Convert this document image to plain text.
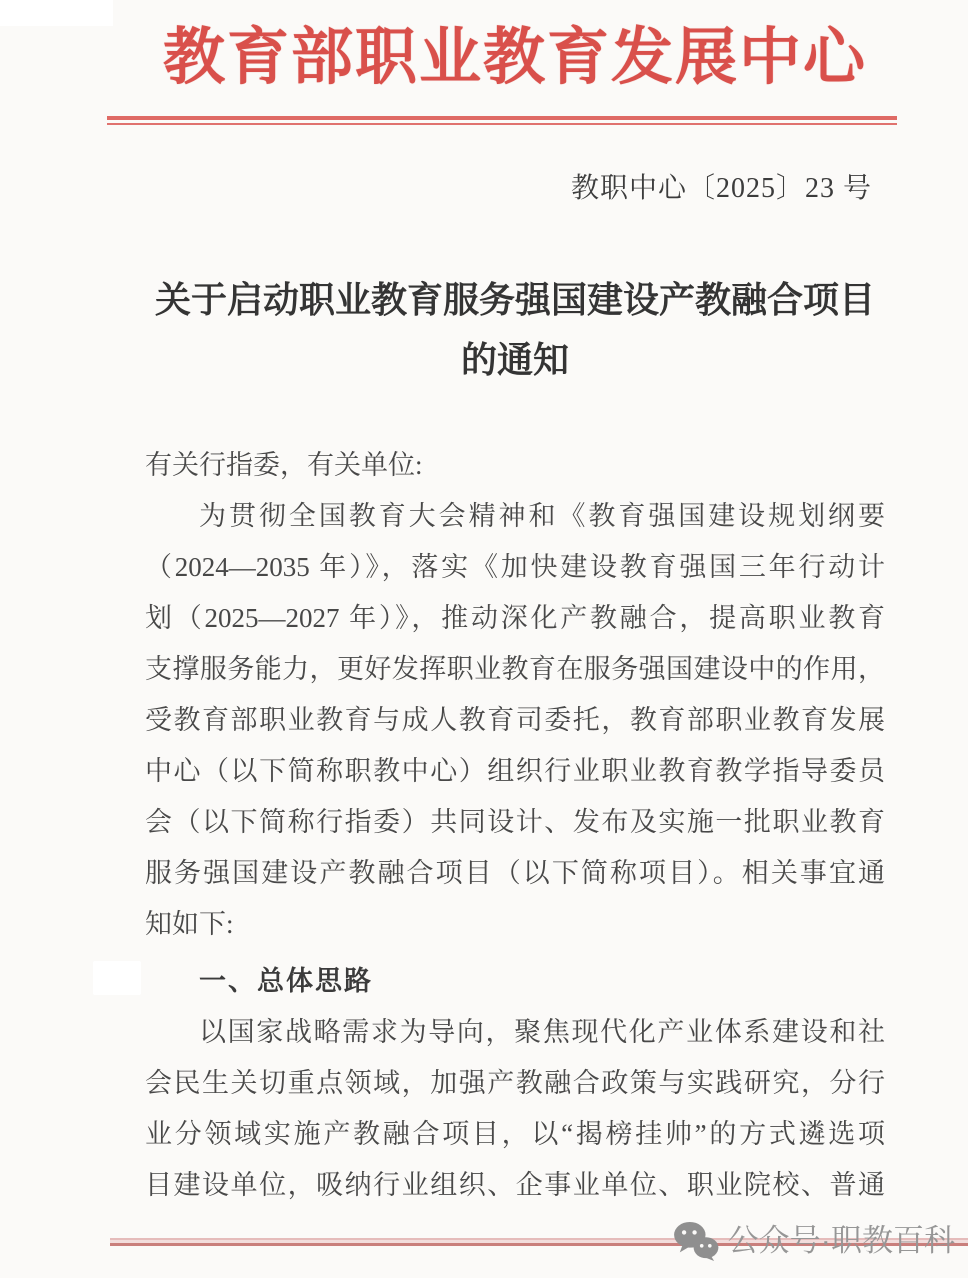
教育部职业教育发展中心
教职中心〔2025〕23 号
关于启动职业教育服务强国建设产教融合项目
的通知
有关行指委，有关单位:
为贯彻全国教育大会精神和《教育强国建设规划纲要
（2024—2035 年）》，落实《加快建设教育强国三年行动计
划（2025—2027 年）》，推动深化产教融合，提高职业教育
支撑服务能力，更好发挥职业教育在服务强国建设中的作用，
受教育部职业教育与成人教育司委托，教育部职业教育发展
中心（以下简称职教中心）组织行业职业教育教学指导委员
会（以下简称行指委）共同设计、发布及实施一批职业教育
服务强国建设产教融合项目（以下简称项目）。相关事宜通
知如下:
一、总体思路
以国家战略需求为导向，聚焦现代化产业体系建设和社
会民生关切重点领域，加强产教融合政策与实践研究，分行
业分领域实施产教融合项目，以“揭榜挂帅”的方式遴选项
目建设单位，吸纳行业组织、企事业单位、职业院校、普通
公众号·职教百科
